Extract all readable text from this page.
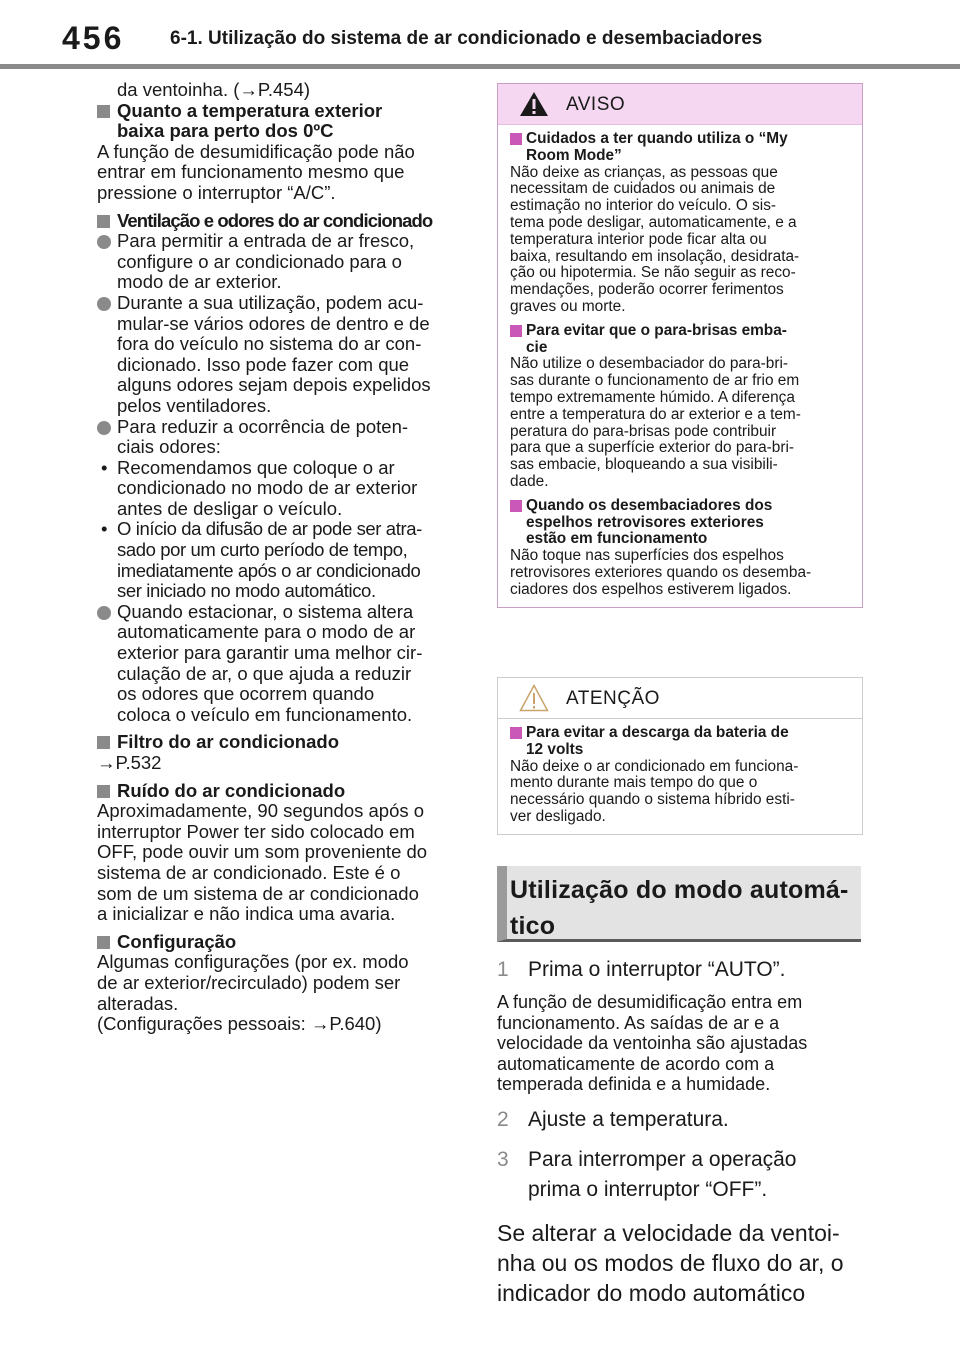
456 6-1. Utilização do sistema de ar condicionado e desembaciadores

da ventoinha. (→P.454)

Quanto a temperatura exterior

baixa para perto dos 0ºC

A função de desumidificação pode não

entrar em funcionamento mesmo que

pressione o interruptor “A/C”.

Ventilação e odores do ar condicionado

Para permitir a entrada de ar fresco,

configure o ar condicionado para o

modo de ar exterior.

Durante a sua utilização, podem acu-

mular-se vários odores de dentro e de

fora do veículo no sistema do ar con-

dicionado. Isso pode fazer com que

alguns odores sejam depois expelidos

pelos ventiladores.

Para reduzir a ocorrência de poten-

ciais odores:

• Recomendamos que coloque o ar

condicionado no modo de ar exterior

antes de desligar o veículo.

• O início da difusão de ar pode ser atra-

sado por um curto período de tempo,

imediatamente após o ar condicionado

ser iniciado no modo automático.

Quando estacionar, o sistema altera

automaticamente para o modo de ar

exterior para garantir uma melhor cir-

culação de ar, o que ajuda a reduzir

os odores que ocorrem quando

coloca o veículo em funcionamento.

Filtro do ar condicionado

→P.532

Ruído do ar condicionado

Aproximadamente, 90 segundos após o

interruptor Power ter sido colocado em

OFF, pode ouvir um som proveniente do

sistema de ar condicionado. Este é o

som de um sistema de ar condicionado

a inicializar e não indica uma avaria.

Configuração

Algumas configurações (por ex. modo

de ar exterior/recirculado) podem ser

alteradas.

(Configurações pessoais: →P.640)

AVISO

Cuidados a ter quando utiliza o “My

Room Mode”

Não deixe as crianças, as pessoas que

necessitam de cuidados ou animais de

estimação no interior do veículo. O sis-

tema pode desligar, automaticamente, e a

temperatura interior pode ficar alta ou

baixa, resultando em insolação, desidrata-

ção ou hipotermia. Se não seguir as reco-

mendações, poderão ocorrer ferimentos

graves ou morte.

Para evitar que o para-brisas emba-

cie

Não utilize o desembaciador do para-bri-

sas durante o funcionamento de ar frio em

tempo extremamente húmido. A diferença

entre a temperatura do ar exterior e a tem-

peratura do para-brisas pode contribuir

para que a superfície exterior do para-bri-

sas embacie, bloqueando a sua visibili-

dade.

Quando os desembaciadores dos

espelhos retrovisores exteriores

estão em funcionamento

Não toque nas superfícies dos espelhos

retrovisores exteriores quando os desemba-

ciadores dos espelhos estiverem ligados.

ATENÇÃO

Para evitar a descarga da bateria de

12 volts

Não deixe o ar condicionado em funciona-

mento durante mais tempo do que o

necessário quando o sistema híbrido esti-

ver desligado.

Utilização do modo automá-
tico
1 Prima o interruptor “AUTO”.

A função de desumidificação entra em

funcionamento. As saídas de ar e a

velocidade da ventoinha são ajustadas

automaticamente de acordo com a

temperada definida e a humidade.

2 Ajuste a temperatura.

3 Para interromper a operação

prima o interruptor “OFF”.

Se alterar a velocidade da ventoi-

nha ou os modos de fluxo do ar, o

indicador do modo automático
